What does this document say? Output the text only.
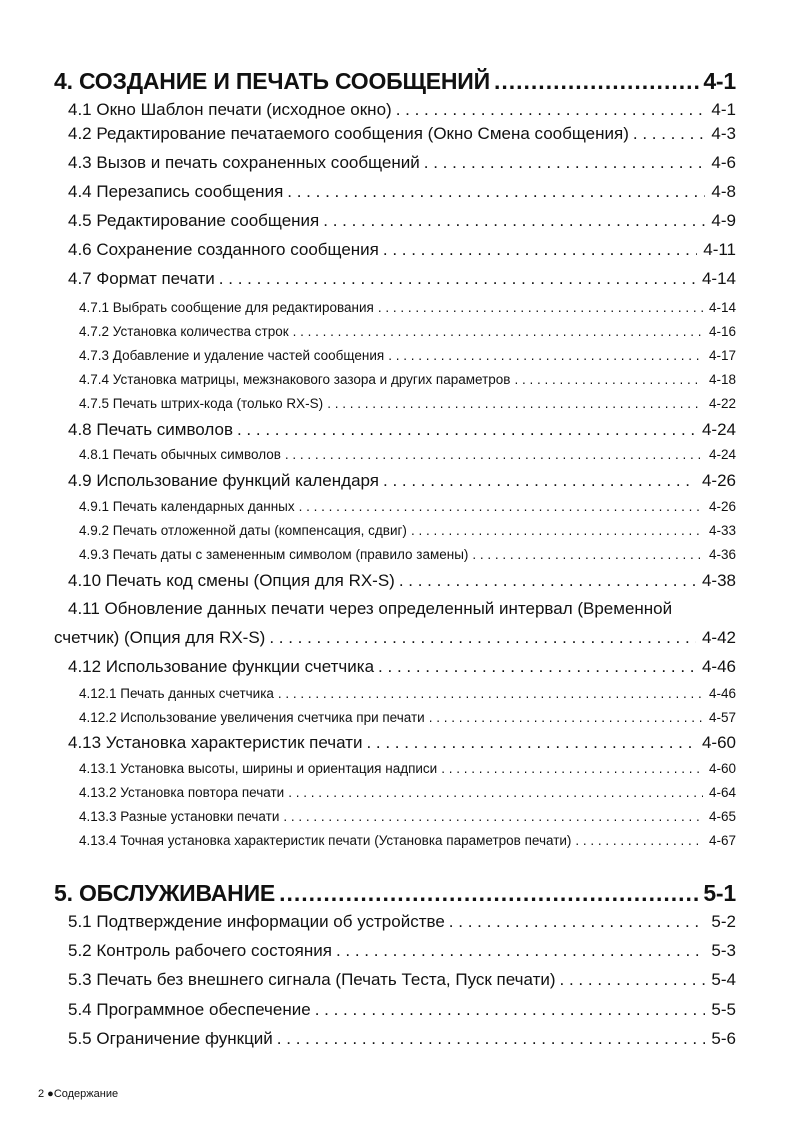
4. СОЗДАНИЕ И ПЕЧАТЬ СООБЩЕНИЙ .....	4-1
4.1 Окно Шаблон печати (исходное окно) . . .	4-1
4.2 Редактирование печатаемого сообщения (Окно Смена сообщения) . . .	4-3
4.3 Вызов и печать сохраненных сообщений . . .	4-6
4.4 Перезапись сообщения . . .	4-8
4.5 Редактирование сообщения . . .	4-9
4.6 Сохранение созданного сообщения . . .	4-11
4.7 Формат печати . . .	4-14
4.7.1 Выбрать сообщение для редактирования . . .	4-14
4.7.2 Установка количества строк . . .	4-16
4.7.3 Добавление и удаление частей сообщения . . .	4-17
4.7.4 Установка матрицы, межзнакового зазора и других параметров . . .	4-18
4.7.5 Печать штрих-кода (только RX-S) . . .	4-22
4.8 Печать символов . . .	4-24
4.8.1 Печать обычных символов . . .	4-24
4.9 Использование функций календаря . . .	4-26
4.9.1 Печать календарных данных . . .	4-26
4.9.2 Печать отложенной даты (компенсация, сдвиг) . . .	4-33
4.9.3 Печать даты с замененным символом (правило замены) . . .	4-36
4.10 Печать код смены (Опция для RX-S) . . .	4-38
4.11 Обновление данных печати через определенный интервал (Временной
счетчик) (Опция для RX-S) . . .	4-42
4.12 Использование функции счетчика . . .	4-46
4.12.1 Печать данных счетчика . . .	4-46
4.12.2 Использование увеличения счетчика при печати . . .	4-57
4.13 Установка характеристик печати . . .	4-60
4.13.1 Установка высоты, ширины и ориентация надписи . . .	4-60
4.13.2 Установка повтора печати . . .	4-64
4.13.3 Разные установки печати . . .	4-65
4.13.4 Точная установка характеристик печати (Установка параметров печати) . . .	4-67
5. ОБСЛУЖИВАНИЕ .....	5-1
5.1 Подтверждение информации об устройстве . . .	5-2
5.2 Контроль рабочего состояния . . .	5-3
5.3 Печать без внешнего сигнала (Печать Теста, Пуск печати) . . .	5-4
5.4 Программное обеспечение . . .	5-5
5.5 Ограничение функций . . .	5-6
2 ●Содержание
